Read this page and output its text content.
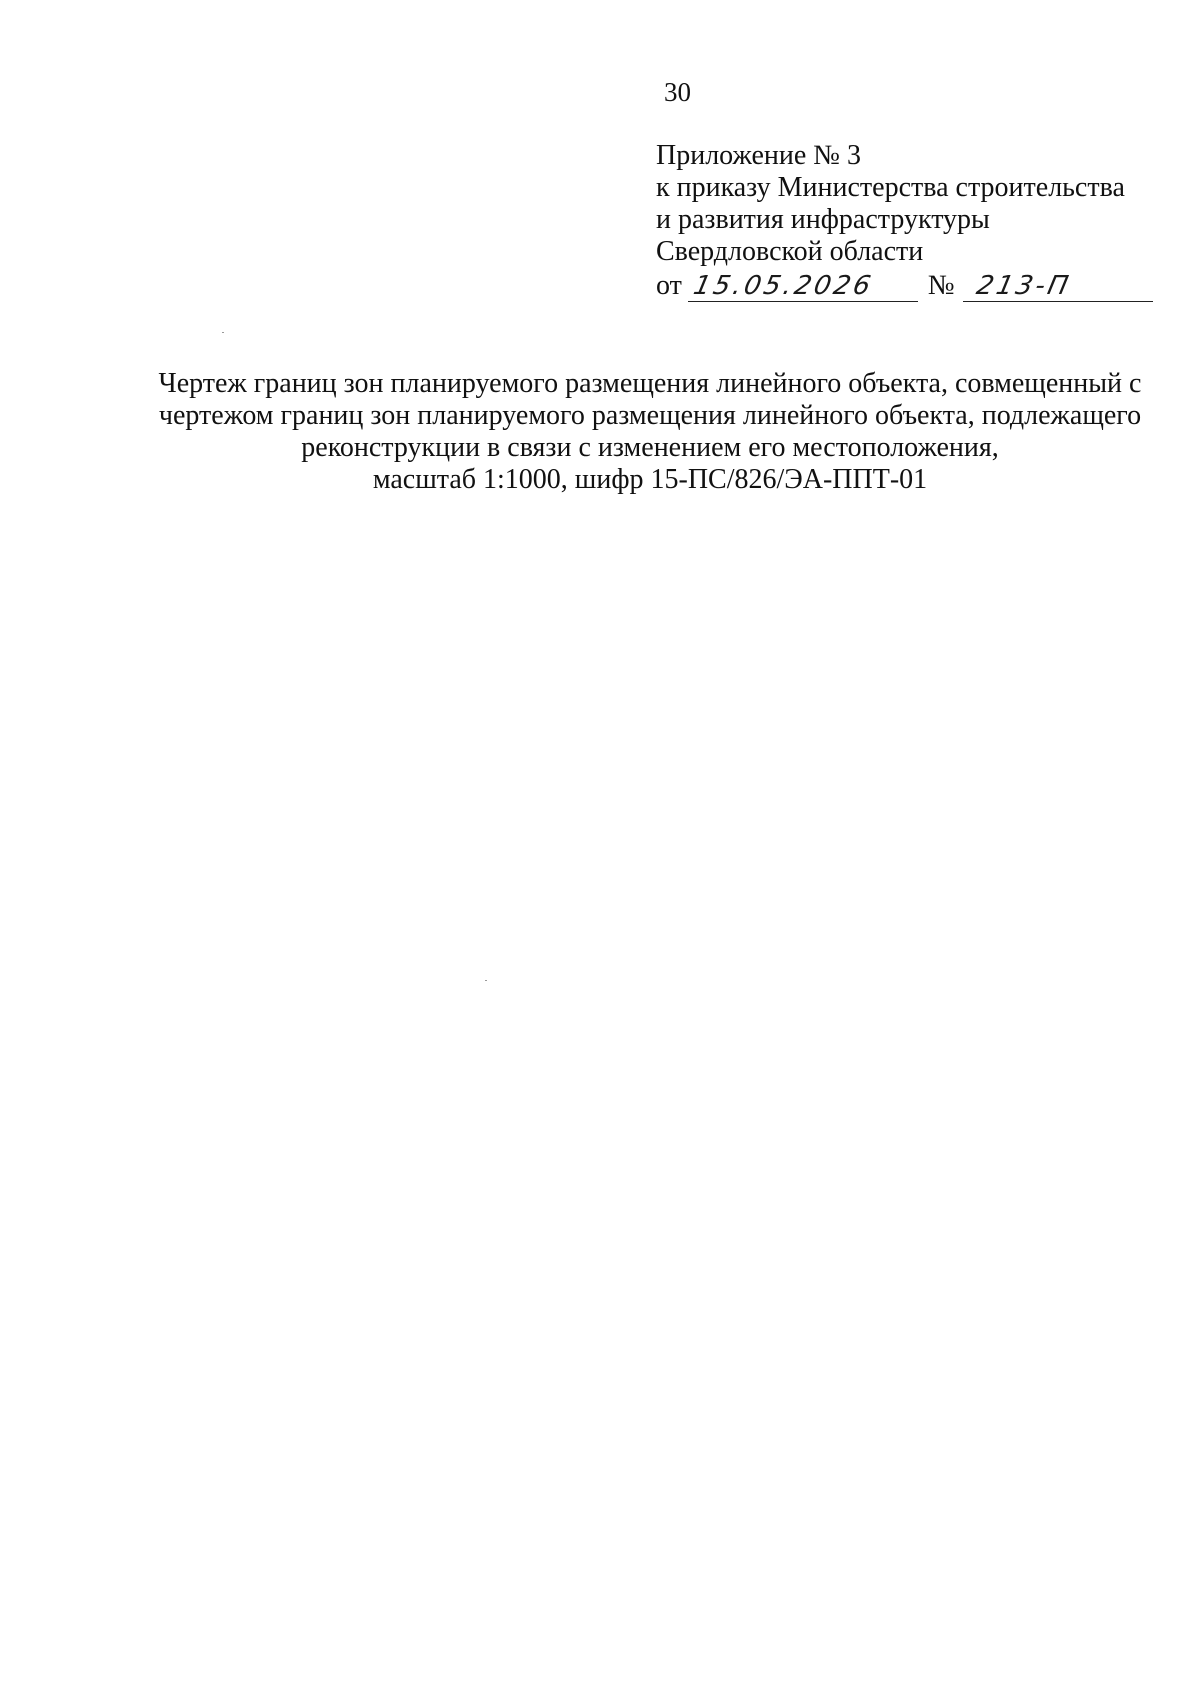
30
Приложение № 3
к приказу Министерства строительства
и развития инфраструктуры
Свердловской области
от 15.05.2026 № 213-П
Чертеж границ зон планируемого размещения линейного объекта, совмещенный с
чертежом границ зон планируемого размещения линейного объекта, подлежащего
реконструкции в связи с изменением его местоположения,
масштаб 1:1000, шифр 15-ПС/826/ЭА-ППТ-01
